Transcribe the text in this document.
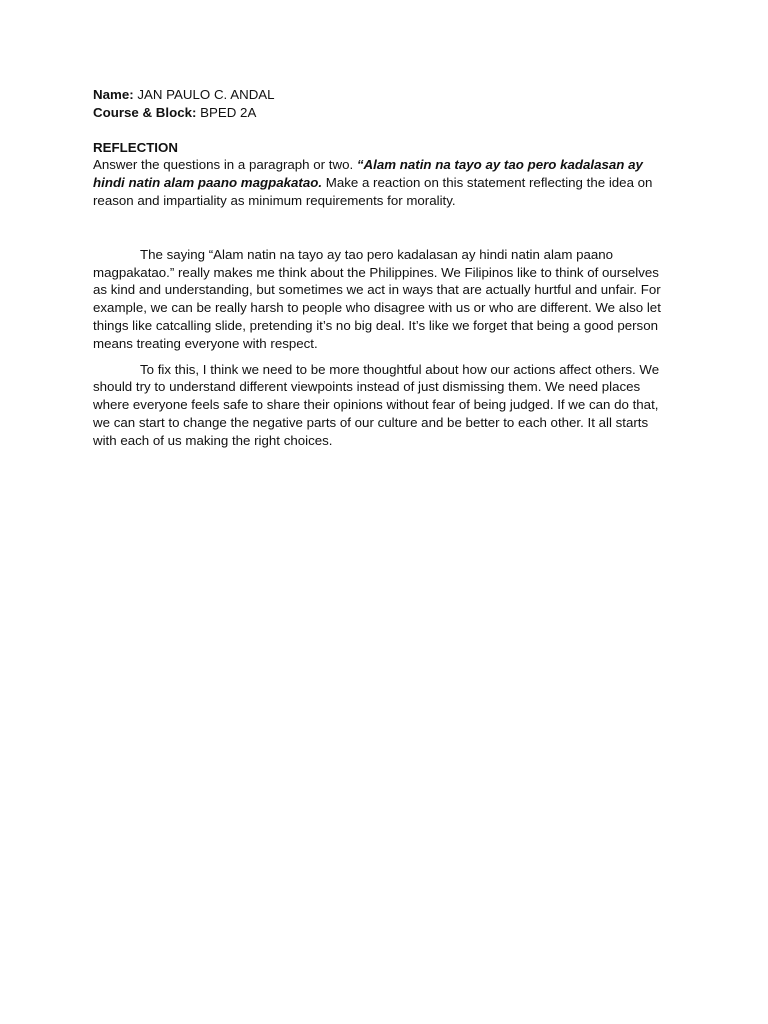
Name: JAN PAULO C. ANDAL

Course & Block: BPED 2A

REFLECTION

Answer the questions in a paragraph or two. “Alam natin na tayo ay tao pero kadalasan ay hindi natin alam paano magpakatao. Make a reaction on this statement reflecting the idea on reason and impartiality as minimum requirements for morality.

The saying “Alam natin na tayo ay tao pero kadalasan ay hindi natin alam paano magpakatao.” really makes me think about the Philippines. We Filipinos like to think of ourselves as kind and understanding, but sometimes we act in ways that are actually hurtful and unfair. For example, we can be really harsh to people who disagree with us or who are different. We also let things like catcalling slide, pretending it’s no big deal. It’s like we forget that being a good person means treating everyone with respect.

To fix this, I think we need to be more thoughtful about how our actions affect others. We should try to understand different viewpoints instead of just dismissing them. We need places where everyone feels safe to share their opinions without fear of being judged. If we can do that, we can start to change the negative parts of our culture and be better to each other. It all starts with each of us making the right choices.
